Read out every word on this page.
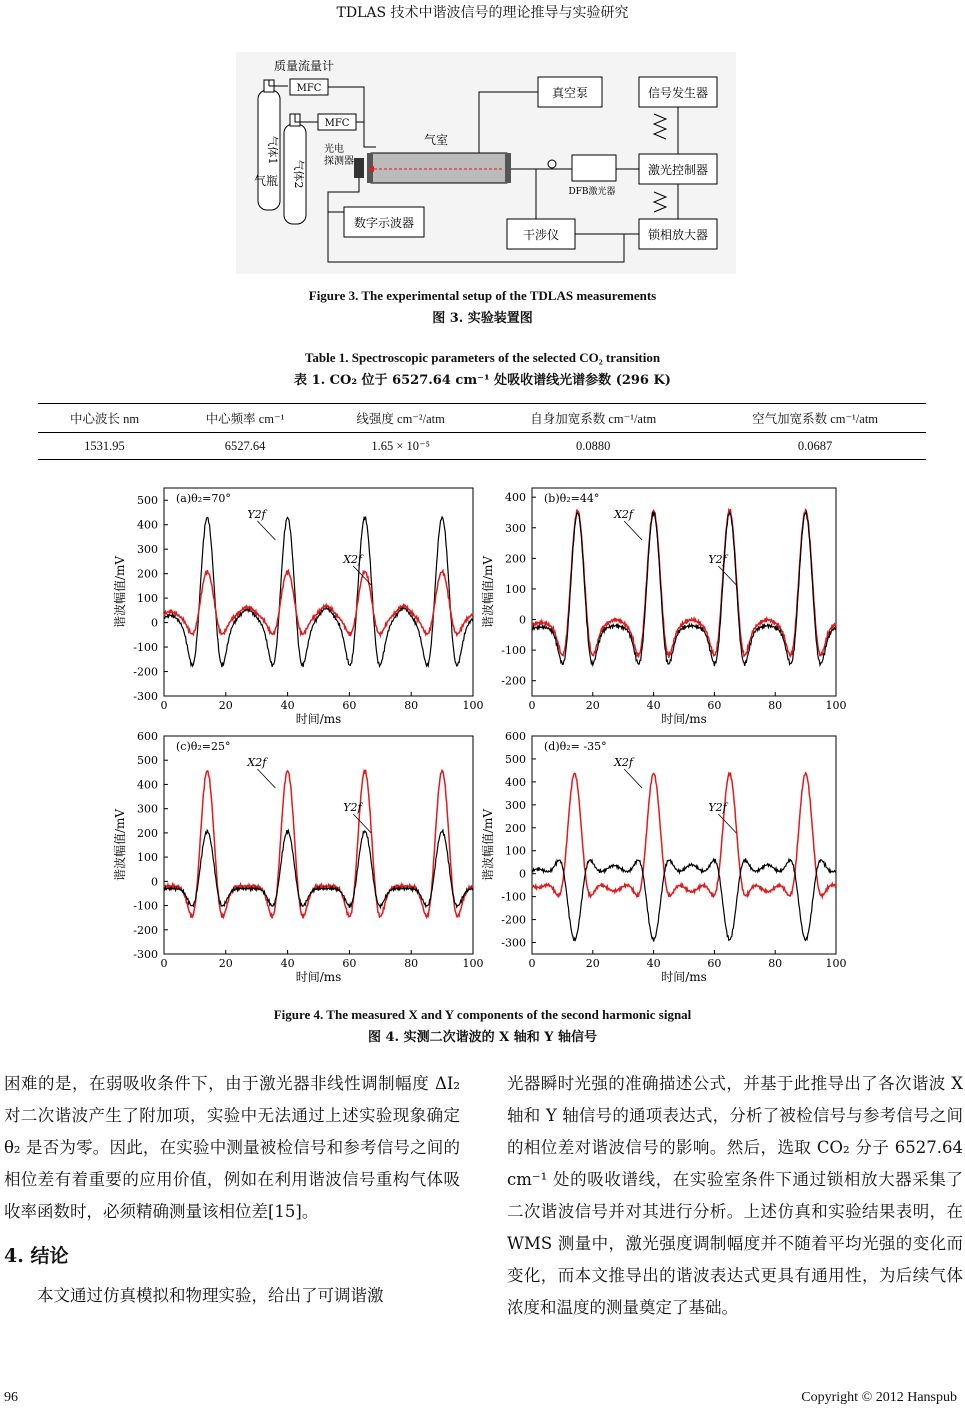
TDLAS 技术中谐波信号的理论推导与实验研究
气体1
气体2
气瓶
质量流量计
MFC
MFC
气室
光电探测器
真空泵	信号发生器
激光控制器
DFB激光器
数字示波器
干涉仪	锁相放大器
Figure 3. The experimental setup of the TDLAS measurements
图 3. 实验装置图
Table 1. Spectroscopic parameters of the selected CO₂ transition
表 1. CO₂ 位于 6527.64 cm⁻¹ 处吸收谱线光谱参数 (296 K)
中心波长 nm	中心频率 cm⁻¹	线强度 cm⁻²/atm	自身加宽系数 cm⁻¹/atm	空气加宽系数 cm⁻¹/atm
1531.95	6527.64	1.65 × 10⁻⁵	0.0880	0.0687
0	20	40	60	80	100
-300
-200
-100
0
100
200
300
400
500
时间/ms
谐波幅值/mV
(a)θ₂=70°
Y2f
X2f
0	20	40	60	80	100
-200
-100
0
100
200
300
400
时间/ms
谐波幅值/mV
(b)θ₂=44°
X2f
Y2f
0	20	40	60	80	100
-300
-200
-100
0
100
200
300
400
500
600
时间/ms
谐波幅值/mV
(c)θ₂=25°
X2f
Y2f
0	20	40	60	80	100
-300
-200
-100
0
100
200
300
400
500
600
时间/ms
谐波幅值/mV
(d)θ₂= -35°
X2f
Y2f
Figure 4. The measured X and Y components of the second harmonic signal
图 4. 实测二次谐波的 X 轴和 Y 轴信号

困难的是，在弱吸收条件下，由于激光器非线性调制幅度 ΔI₂ 对二次谐波产生了附加项，实验中无法通过上述实验现象确定 θ₂ 是否为零。因此，在实验中测量被检信号和参考信号之间的相位差有着重要的应用价值，例如在利用谐波信号重构气体吸收率函数时，必须精确测量该相位差[15]。

4. 结论

本文通过仿真模拟和物理实验，给出了可调谐激

光器瞬时光强的准确描述公式，并基于此推导出了各次谐波 X 轴和 Y 轴信号的通项表达式，分析了被检信号与参考信号之间的相位差对谐波信号的影响。然后，选取 CO₂ 分子 6527.64 cm⁻¹ 处的吸收谱线，在实验室条件下通过锁相放大器采集了二次谐波信号并对其进行分析。上述仿真和实验结果表明，在 WMS 测量中，激光强度调制幅度并不随着平均光强的变化而变化，而本文推导出的谐波表达式更具有通用性，为后续气体浓度和温度的测量奠定了基础。

96	Copyright © 2012 Hanspub
